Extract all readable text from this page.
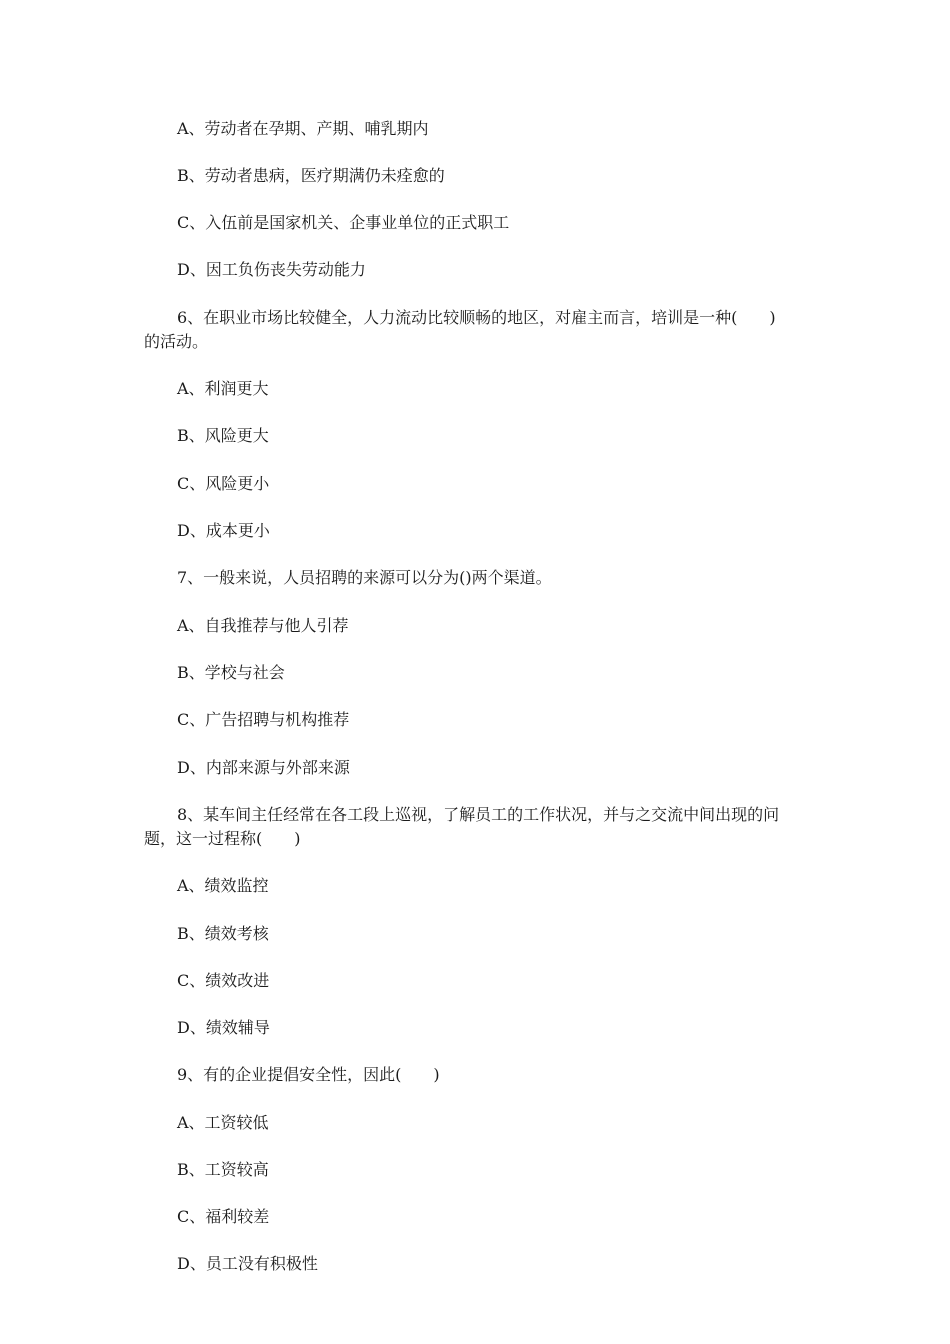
A、劳动者在孕期、产期、哺乳期内
B、劳动者患病，医疗期满仍未痊愈的
C、入伍前是国家机关、企事业单位的正式职工
D、因工负伤丧失劳动能力
6、在职业市场比较健全，人力流动比较顺畅的地区，对雇主而言，培训是一种(　　)
的活动。
A、利润更大
B、风险更大
C、风险更小
D、成本更小
7、一般来说，人员招聘的来源可以分为()两个渠道。
A、自我推荐与他人引荐
B、学校与社会
C、广告招聘与机构推荐
D、内部来源与外部来源
8、某车间主任经常在各工段上巡视，了解员工的工作状况，并与之交流中间出现的问
题，这一过程称(　　)
A、绩效监控
B、绩效考核
C、绩效改进
D、绩效辅导
9、有的企业提倡安全性，因此(　　)
A、工资较低
B、工资较高
C、福利较差
D、员工没有积极性
